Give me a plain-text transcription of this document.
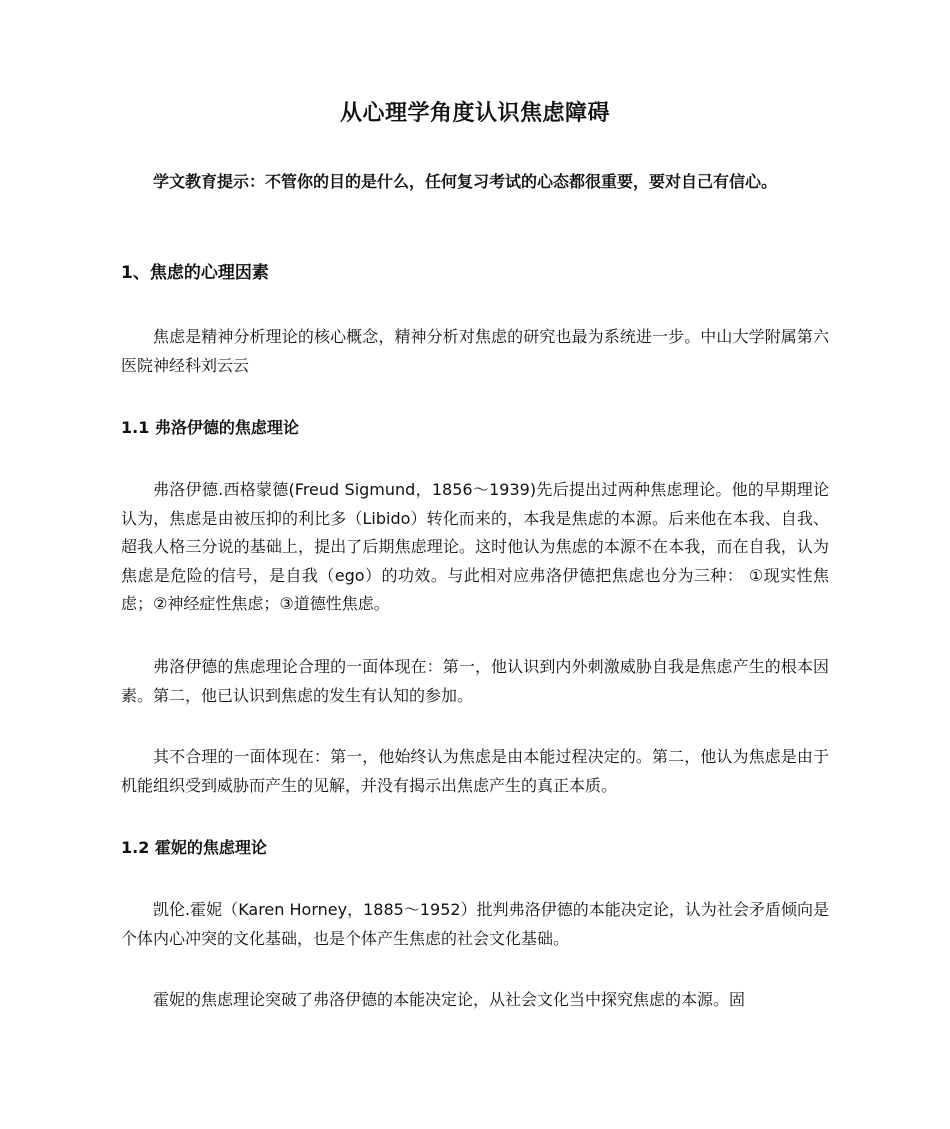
从心理学角度认识焦虑障碍
学文教育提示：不管你的目的是什么，任何复习考试的心态都很重要，要对自己有信心。
1、焦虑的心理因素
焦虑是精神分析理论的核心概念，精神分析对焦虑的研究也最为系统进一步。中山大学附属第六医院神经科刘云云
1.1 弗洛伊德的焦虑理论
弗洛伊德.西格蒙德(Freud Sigmund，1856～1939)先后提出过两种焦虑理论。他的早期理论认为，焦虑是由被压抑的利比多（Libido）转化而来的，本我是焦虑的本源。后来他在本我、自我、超我人格三分说的基础上，提出了后期焦虑理论。这时他认为焦虑的本源不在本我，而在自我，认为焦虑是危险的信号，是自我（ego）的功效。与此相对应弗洛伊德把焦虑也分为三种： ①现实性焦虑；②神经症性焦虑；③道德性焦虑。
弗洛伊德的焦虑理论合理的一面体现在：第一，他认识到内外刺激威胁自我是焦虑产生的根本因素。第二，他已认识到焦虑的发生有认知的参加。
其不合理的一面体现在：第一，他始终认为焦虑是由本能过程决定的。第二，他认为焦虑是由于机能组织受到威胁而产生的见解，并没有揭示出焦虑产生的真正本质。
1.2 霍妮的焦虑理论
凯伦.霍妮（Karen Horney，1885～1952）批判弗洛伊德的本能决定论，认为社会矛盾倾向是个体内心冲突的文化基础，也是个体产生焦虑的社会文化基础。
霍妮的焦虑理论突破了弗洛伊德的本能决定论，从社会文化当中探究焦虑的本源。固
